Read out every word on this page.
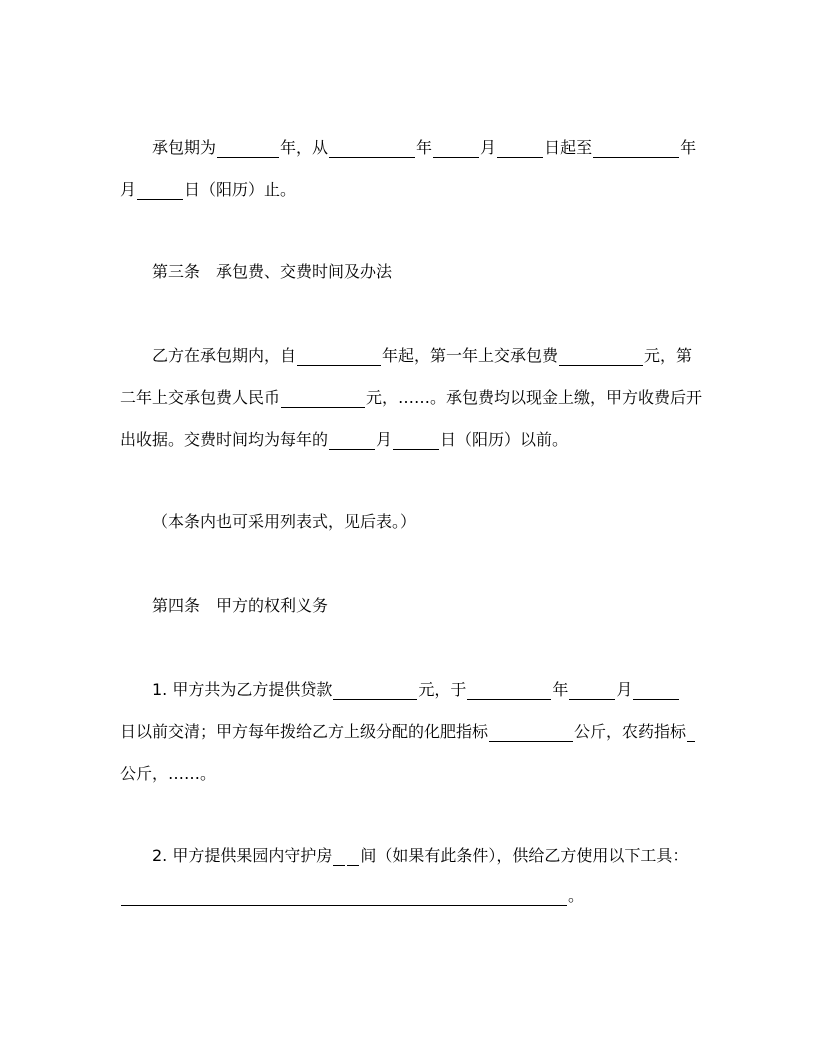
承包期为	年，从	年	月	日起至	年
月	日（阳历）止。
第三条　承包费、交费时间及办法
乙方在承包期内，自	年起，第一年上交承包费	元，第
二年上交承包费人民币	元，……。承包费均以现金上缴，甲方收费后开
出收据。交费时间均为每年的	月	日（阳历）以前。
（本条内也可采用列表式，见后表。）
第四条　甲方的权利义务
1. 甲方共为乙方提供贷款	元，于	年	月
日以前交清；甲方每年拨给乙方上级分配的化肥指标	公斤，农药指标
公斤，……。
2. 甲方提供果园内守护房 间（如果有此条件），供给乙方使用以下工具：
。
